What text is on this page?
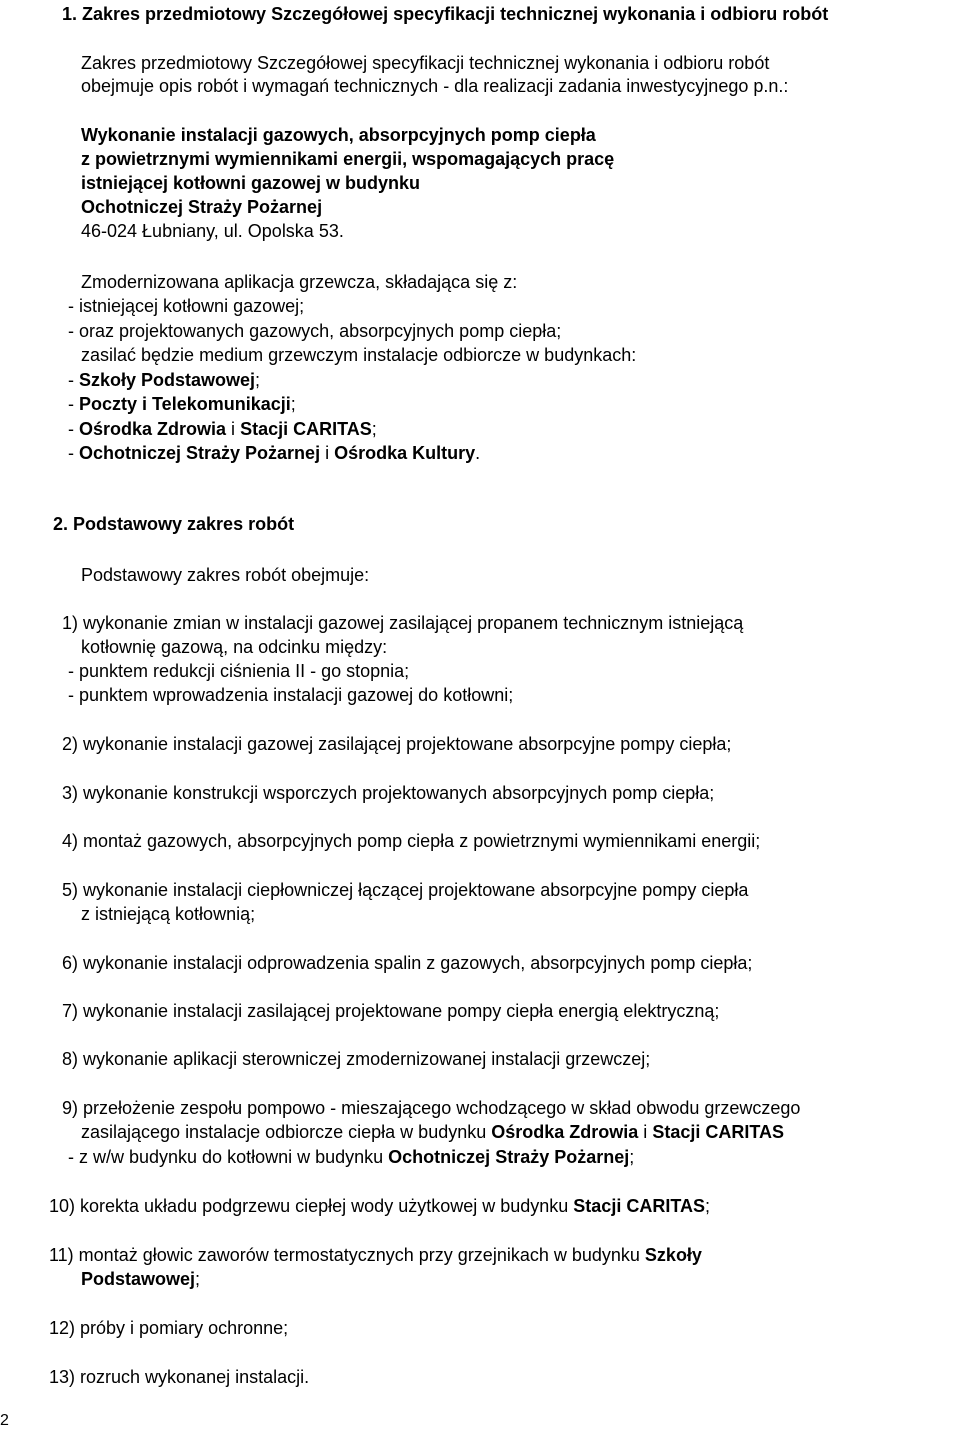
1. Zakres przedmiotowy Szczegółowej specyfikacji technicznej wykonania i odbioru robót
Zakres przedmiotowy Szczegółowej specyfikacji technicznej wykonania i odbioru robót
obejmuje opis robót i wymagań technicznych - dla realizacji zadania inwestycyjnego p.n.:
Wykonanie instalacji gazowych, absorpcyjnych pomp ciepła
z powietrznymi wymiennikami energii, wspomagających pracę
istniejącej kotłowni gazowej w budynku
Ochotniczej Straży Pożarnej
46-024 Łubniany, ul. Opolska 53.
Zmodernizowana aplikacja grzewcza, składająca się z:
- istniejącej kotłowni gazowej;
- oraz projektowanych gazowych, absorpcyjnych pomp ciepła;
zasilać będzie medium grzewczym instalacje odbiorcze w budynkach:
- Szkoły Podstawowej;
- Poczty i Telekomunikacji;
- Ośrodka Zdrowia i Stacji CARITAS;
- Ochotniczej Straży Pożarnej i Ośrodka Kultury.
2. Podstawowy zakres robót
Podstawowy zakres robót obejmuje:
1) wykonanie zmian w instalacji gazowej zasilającej propanem technicznym istniejącą
kotłownię gazową, na odcinku między:
- punktem redukcji ciśnienia II - go stopnia;
- punktem wprowadzenia instalacji gazowej do kotłowni;
2) wykonanie instalacji gazowej zasilającej projektowane absorpcyjne pompy ciepła;
3) wykonanie konstrukcji wsporczych projektowanych absorpcyjnych pomp ciepła;
4) montaż gazowych, absorpcyjnych pomp ciepła z powietrznymi wymiennikami energii;
5) wykonanie instalacji ciepłowniczej łączącej projektowane absorpcyjne pompy ciepła
z istniejącą kotłownią;
6) wykonanie instalacji odprowadzenia spalin z gazowych, absorpcyjnych pomp ciepła;
7) wykonanie instalacji zasilającej projektowane pompy ciepła energią elektryczną;
8) wykonanie aplikacji sterowniczej zmodernizowanej instalacji grzewczej;
9) przełożenie zespołu pompowo - mieszającego wchodzącego w skład obwodu grzewczego
zasilającego instalacje odbiorcze ciepła w budynku Ośrodka Zdrowia i Stacji CARITAS
- z w/w budynku do kotłowni w budynku Ochotniczej Straży Pożarnej;
10) korekta układu podgrzewu ciepłej wody użytkowej w budynku Stacji CARITAS;
11) montaż głowic zaworów termostatycznych przy grzejnikach w budynku Szkoły
Podstawowej;
12) próby i pomiary ochronne;
13) rozruch wykonanej instalacji.
2
